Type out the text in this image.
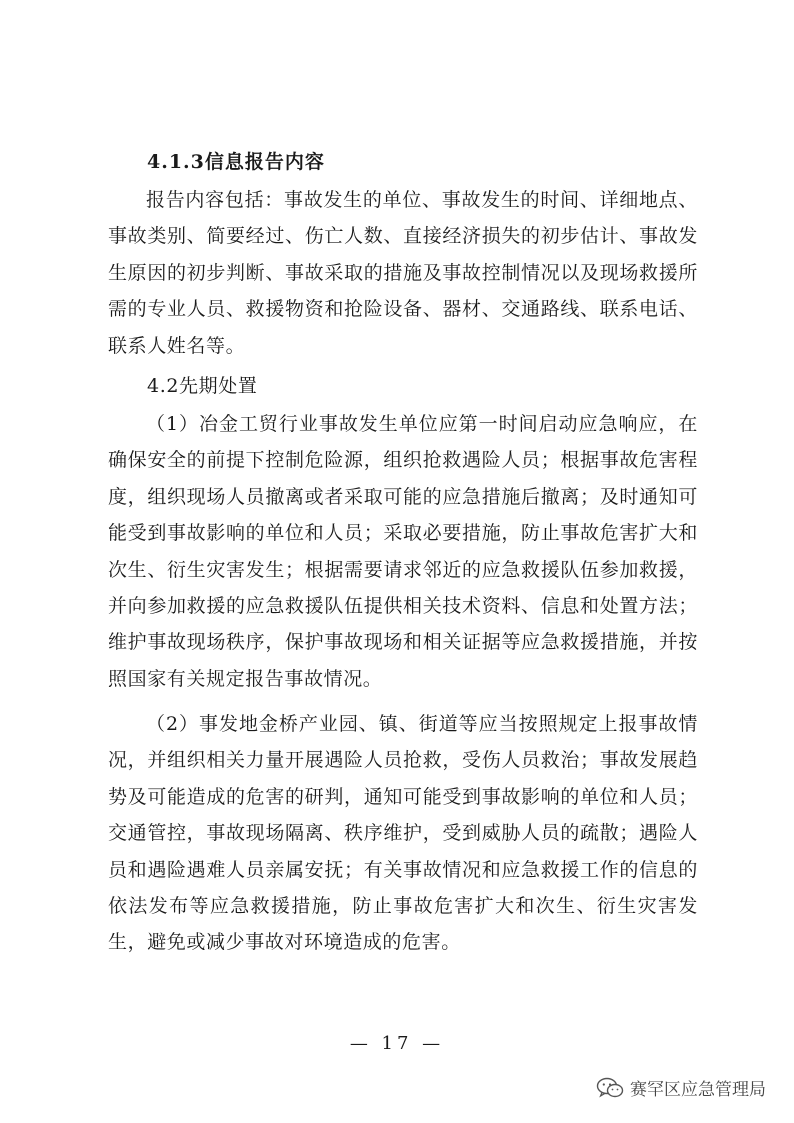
4.1.3信息报告内容

报告内容包括：事故发生的单位、事故发生的时间、详细地点、事故类别、简要经过、伤亡人数、直接经济损失的初步估计、事故发生原因的初步判断、事故采取的措施及事故控制情况以及现场救援所需的专业人员、救援物资和抢险设备、器材、交通路线、联系电话、联系人姓名等。

4.2先期处置

（1）冶金工贸行业事故发生单位应第一时间启动应急响应，在确保安全的前提下控制危险源，组织抢救遇险人员；根据事故危害程度，组织现场人员撤离或者采取可能的应急措施后撤离；及时通知可能受到事故影响的单位和人员；采取必要措施，防止事故危害扩大和次生、衍生灾害发生；根据需要请求邻近的应急救援队伍参加救援，并向参加救援的应急救援队伍提供相关技术资料、信息和处置方法；维护事故现场秩序，保护事故现场和相关证据等应急救援措施，并按照国家有关规定报告事故情况。

（2）事发地金桥产业园、镇、街道等应当按照规定上报事故情况，并组织相关力量开展遇险人员抢救，受伤人员救治；事故发展趋势及可能造成的危害的研判，通知可能受到事故影响的单位和人员；交通管控，事故现场隔离、秩序维护，受到威胁人员的疏散；遇险人员和遇险遇难人员亲属安抚；有关事故情况和应急救援工作的信息的依法发布等应急救援措施，防止事故危害扩大和次生、衍生灾害发生，避免或减少事故对环境造成的危害。

— 17 —
赛罕区应急管理局
